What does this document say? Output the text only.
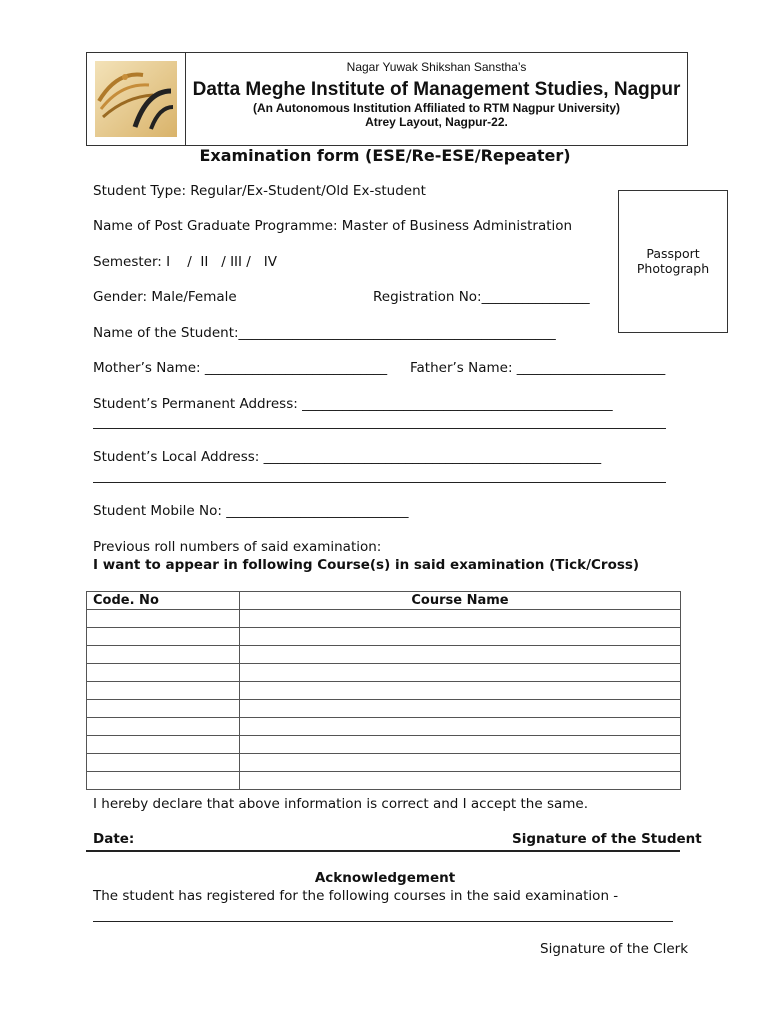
Nagar Yuwak Shikshan Sanstha’s
Datta Meghe Institute of Management Studies, Nagpur
(An Autonomous Institution Affiliated to RTM Nagpur University)
Atrey Layout, Nagpur-22.
Examination form (ESE/Re-ESE/Repeater)
Passport
Photograph
Student Type: Regular/Ex-Student/Old Ex-student
Name of Post Graduate Programme: Master of Business Administration
Semester: I    /  II   / III /   IV
Gender: Male/Female	Registration No:________________
Name of the Student:_______________________________________________
Mother’s Name: ___________________________ Father’s Name: ______________________
Student’s Permanent Address: ______________________________________________
Student’s Local Address: __________________________________________________
Student Mobile No: ___________________________
Previous roll numbers of said examination:
I want to appear in following Course(s) in said examination (Tick/Cross)
Code. No	Course Name

I hereby declare that above information is correct and I accept the same.
Date:	Signature of the Student
Acknowledgement
The student has registered for the following courses in the said examination -
Signature of the Clerk
